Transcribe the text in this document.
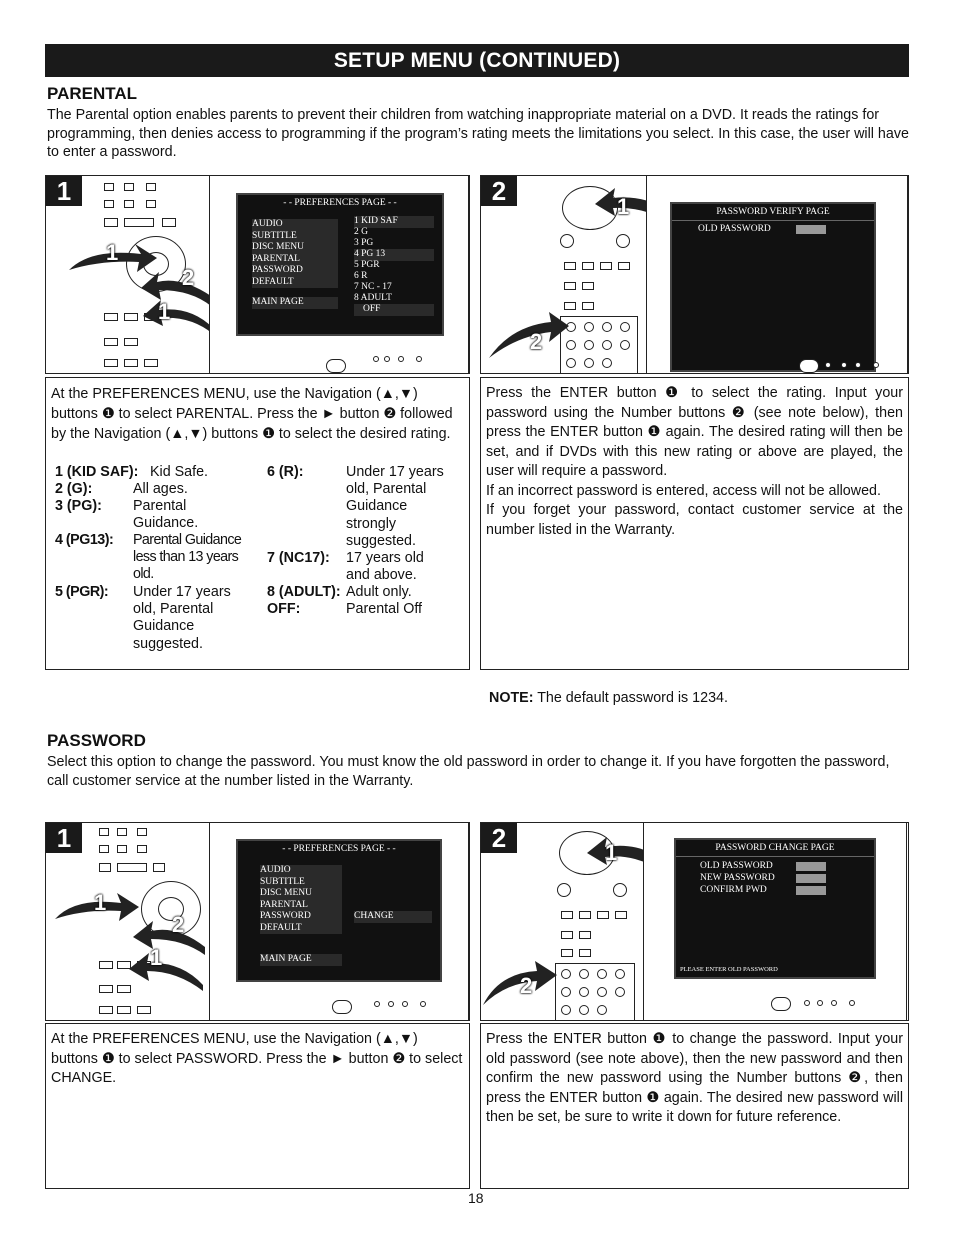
SETUP MENU (CONTINUED)
PARENTAL
The Parental option enables parents to prevent their children from watching inappropriate material on a DVD. It reads the ratings for programming, then denies access to programming if the program’s rating meets the limitations you select. In this case, the user will have to enter a password.
1
1
2
1
- - PREFERENCES PAGE - -
AUDIO
SUBTITLE
DISC MENU
PARENTAL
PASSWORD
DEFAULT
MAIN PAGE
1 KID SAF
2 G
3 PG
4 PG 13
5 PGR
6 R
7 NC - 17
8 ADULT
OFF
2
1
2
PASSWORD VERIFY PAGE
OLD PASSWORD
At the PREFERENCES MENU, use the Navigation (▲,▼) buttons ❶ to select PARENTAL. Press the ► button ❷ followed by the Navigation (▲,▼) buttons ❶ to select the desired rating.
1 (KID SAF): Kid Safe.
2 (G):	All ages.
3 (PG): Parental Guidance.
4 (PG13): Parental Guidance less than 13 years old.
5 (PGR): Under 17 years old, Parental Guidance suggested.
6 (R):	Under 17 years old, Parental Guidance strongly suggested.
7 (NC17): 17 years old and above.
8 (ADULT): Adult only.
OFF:	Parental Off
Press the ENTER button ❶ to select the rating. Input your password using the Number buttons ❷ (see note below), then press the ENTER button ❶ again. The desired rating will then be set, and if DVDs with this new rating or above are played, the user will require a password.
If an incorrect password is entered, access will not be allowed.
If you forget your password, contact customer service at the number listed in the Warranty.
NOTE: The default password is 1234.
PASSWORD
Select this option to change the password. You must know the old password in order to change it. If you have forgotten the password, call customer service at the number listed in the Warranty.
1
1
2
1
- - PREFERENCES PAGE - -
AUDIO
SUBTITLE
DISC MENU
PARENTAL
PASSWORD
DEFAULT
MAIN PAGE
CHANGE
2	1
2
PASSWORD CHANGE PAGE
OLD PASSWORD
NEW PASSWORD
CONFIRM PWD
PLEASE ENTER OLD PASSWORD
At the PREFERENCES MENU, use the Navigation (▲,▼) buttons ❶ to select PASSWORD. Press the ► button ❷ to select CHANGE.
Press the ENTER button ❶ to change the password. Input your old password (see note above), then the new password and then confirm the new password using the Number buttons ❷, then press the ENTER button ❶ again. The desired new password will then be set, be sure to write it down for future reference.
18
